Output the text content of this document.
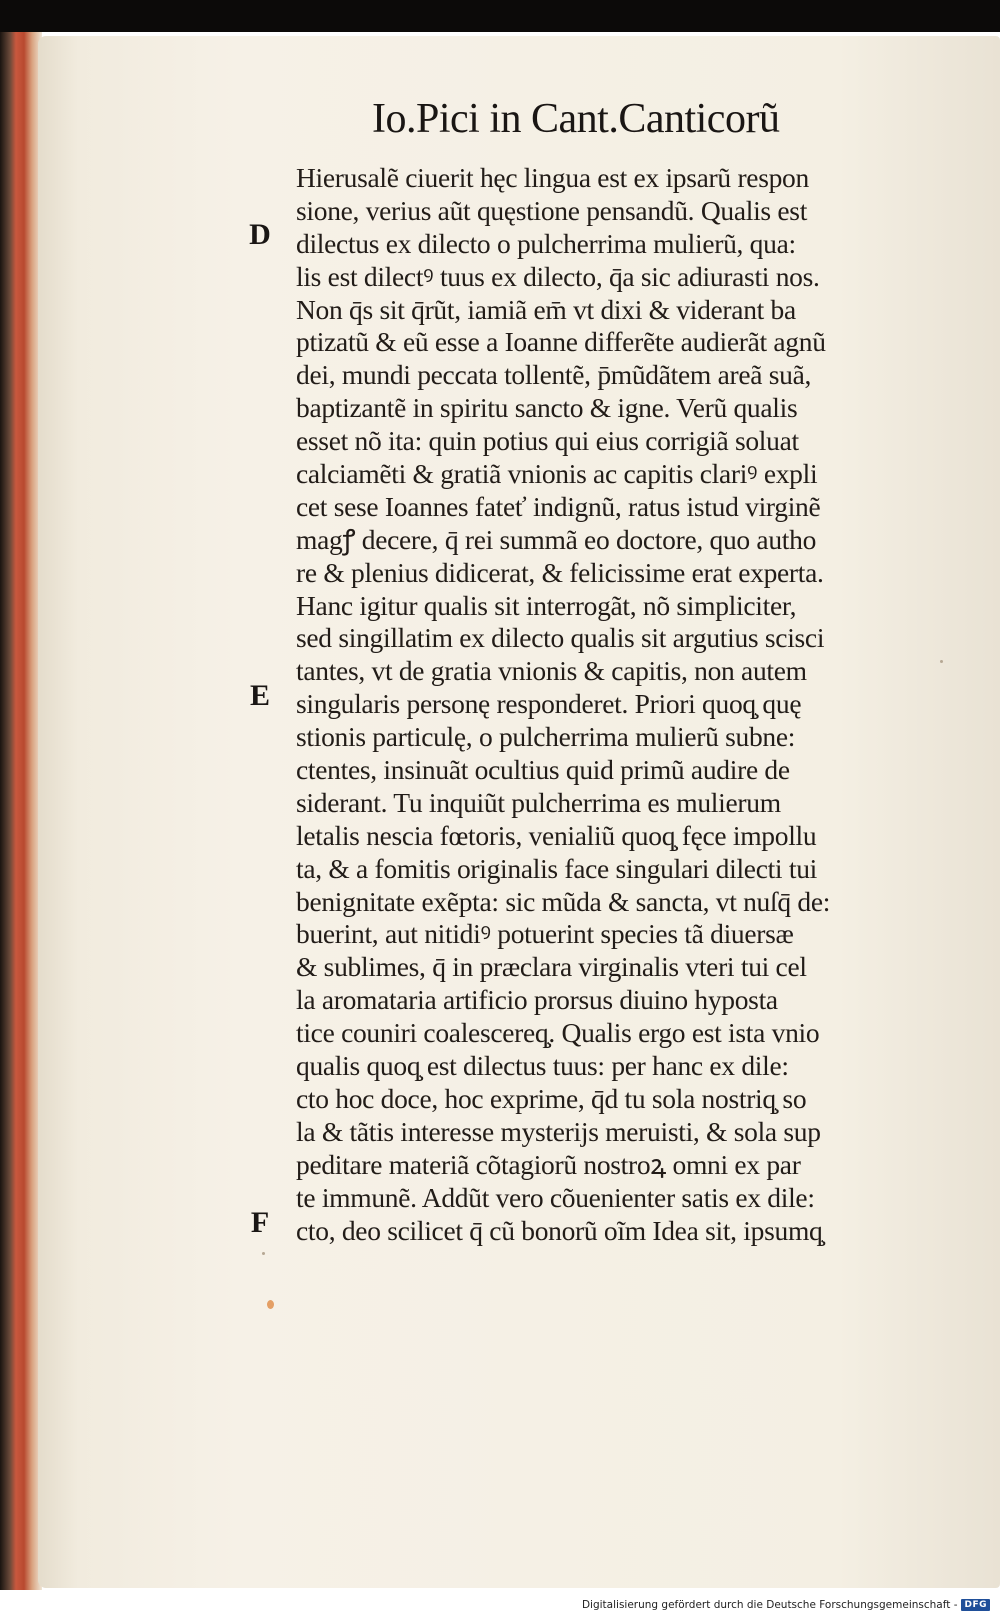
Io.Pici in Cant.Canticorũ
D
E
F
Hierusalẽ ciuerit hęc lingua est ex ipsarũ respon
sione, verius aũt quęstione pensandũ. Qualis est
dilectus ex dilecto o pulcherrima mulierũ, qua:
lis est dilectꝰ tuus ex dilecto, q̄a sic adiurasti nos.
Non q̄s sit q̄rũt, iamiã em̄ vt dixi & viderant ba
ptizatũ & eũ esse a Ioanne differẽte audierãt agnũ
dei, mundi peccata tollentẽ, p̄mũdãtem areã suã,
baptizantẽ in spiritu sancto & igne. Verũ qualis
esset nõ ita: quin potius qui eius corrigiã soluat
calciamẽti & gratiã vnionis ac capitis clariꝰ expli
cet sese Ioannes fateť indignũ, ratus istud virginẽ
magꝭ decere, q̄ rei summã eo doctore, quo autho
re & plenius didicerat, & felicissime erat experta.
Hanc igitur qualis sit interrogãt, nõ simpliciter,
sed singillatim ex dilecto qualis sit argutius scisci
tantes, vt de gratia vnionis & capitis, non autem
singularis personę responderet. Priori quoq̧ quę
stionis particulę, o pulcherrima mulierũ subne:
ctentes, insinuãt ocultius quid primũ audire de
siderant. Tu inquiũt pulcherrima es mulierum
letalis nescia fœtoris, venialiũ quoq̧ fęce impollu
ta, & a fomitis originalis face singulari dilecti tui
benignitate exẽpta: sic mũda & sancta, vt nuſq̄ de:
buerint, aut nitidiꝰ potuerint species tã diuersæ
& sublimes, q̄ in præclara virginalis vteri tui cel
la aromataria artificio prorsus diuino hyposta
tice couniri coalescereq̧. Qualis ergo est ista vnio
qualis quoq̧ est dilectus tuus: per hanc ex dile:
cto hoc doce, hoc exprime, q̄d tu sola nostriq̧ so
la & tãtis interesse mysterijs meruisti, & sola sup
peditare materiã cõtagiorũ nostroꝝ omni ex par
te immunẽ. Addũt vero cõuenienter satis ex dile:
cto, deo scilicet q̄ cũ bonorũ oĩm Idea sit, ipsumq̧
Digitalisierung gefördert durch die Deutsche Forschungsgemeinschaft - DFG
